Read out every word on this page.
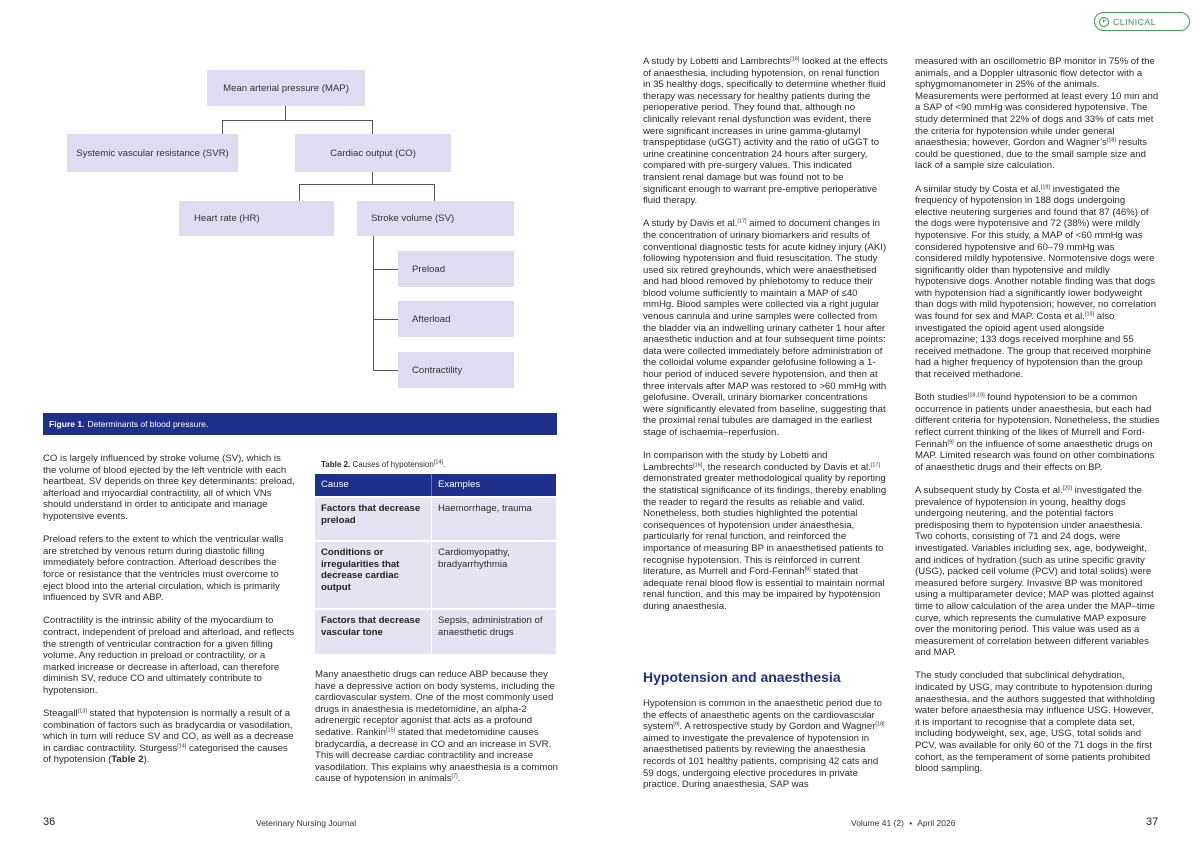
+ CLINICAL
Mean arterial pressure (MAP)
Systemic vascular resistance (SVR)	Cardiac output (CO)
Heart rate (HR)	Stroke volume (SV)
Preload
Afterload
Contractility
Figure 1. Determinants of blood pressure.

CO is largely influenced by stroke volume (SV), which is the volume of blood ejected by the left ventricle with each heartbeat. SV depends on three key determinants: preload, afterload and myocardial contractility, all of which VNs should understand in order to anticipate and manage hypotensive events.

Preload refers to the extent to which the ventricular walls are stretched by venous return during diastolic filling immediately before contraction. Afterload describes the force or resistance that the ventricles must overcome to eject blood into the arterial circulation, which is primarily influenced by SVR and ABP.

Contractility is the intrinsic ability of the myocardium to contract, independent of preload and afterload, and reflects the strength of ventricular contraction for a given filling volume. Any reduction in preload or contractility, or a marked increase or decrease in afterload, can therefore diminish SV, reduce CO and ultimately contribute to hypotension.

Steagall[13] stated that hypotension is normally a result of a combination of factors such as bradycardia or vasodilation, which in turn will reduce SV and CO, as well as a decrease in cardiac contractility. Sturgess[14] categorised the causes of hypotension (Table 2).

Table 2. Causes of hypotension[14].
Cause	Examples
Factors that decrease preload	Haemorrhage, trauma
Conditions or irregularities that decrease cardiac output	Cardiomyopathy, bradyarrhythmia
Factors that decrease vascular tone	Sepsis, administration of anaesthetic drugs

Many anaesthetic drugs can reduce ABP because they have a depressive action on body systems, including the cardiovascular system. One of the most commonly used drugs in anaesthesia is medetomidine, an alpha-2 adrenergic receptor agonist that acts as a profound sedative. Rankin[15] stated that medetomidine causes bradycardia, a decrease in CO and an increase in SVR. This will decrease cardiac contractility and increase vasodilation. This explains why anaesthesia is a common cause of hypotension in animals[7].

A study by Lobetti and Lambrechts[16] looked at the effects of anaesthesia, including hypotension, on renal function in 35 healthy dogs, specifically to determine whether fluid therapy was necessary for healthy patients during the perioperative period. They found that, although no clinically relevant renal dysfunction was evident, there were significant increases in urine gamma-glutamyl transpeptidase (uGGT) activity and the ratio of uGGT to urine creatinine concentration 24 hours after surgery, compared with pre-surgery values. This indicated transient renal damage but was found not to be significant enough to warrant pre-emptive perioperative fluid therapy.

A study by Davis et al.[17] aimed to document changes in the concentration of urinary biomarkers and results of conventional diagnostic tests for acute kidney injury (AKI) following hypotension and fluid resuscitation. The study used six retired greyhounds, which were anaesthetised and had blood removed by phlebotomy to reduce their blood volume sufficiently to maintain a MAP of ≤40 mmHg. Blood samples were collected via a right jugular venous cannula and urine samples were collected from the bladder via an indwelling urinary catheter 1 hour after anaesthetic induction and at four subsequent time points: data were collected immediately before administration of the colloidal volume expander gelofusine following a 1-hour period of induced severe hypotension, and then at three intervals after MAP was restored to >60 mmHg with gelofusine. Overall, urinary biomarker concentrations were significantly elevated from baseline, suggesting that the proximal renal tubules are damaged in the earliest stage of ischaemia–reperfusion.

In comparison with the study by Lobetti and Lambrechts[16], the research conducted by Davis et al.[17] demonstrated greater methodological quality by reporting the statistical significance of its findings, thereby enabling the reader to regard the results as reliable and valid. Nonetheless, both studies highlighted the potential consequences of hypotension under anaesthesia, particularly for renal function, and reinforced the importance of measuring BP in anaesthetised patients to recognise hypotension. This is reinforced in current literature, as Murrell and Ford-Fennah[9] stated that adequate renal blood flow is essential to maintain normal renal function, and this may be impaired by hypotension during anaesthesia.

Hypotension and anaesthesia

Hypotension is common in the anaesthetic period due to the effects of anaesthetic agents on the cardiovascular system[9]. A retrospective study by Gordon and Wagner[18] aimed to investigate the prevalence of hypotension in anaesthetised patients by reviewing the anaesthesia records of 101 healthy patients, comprising 42 cats and 59 dogs, undergoing elective procedures in private practice. During anaesthesia, SAP was

measured with an oscillometric BP monitor in 75% of the animals, and a Doppler ultrasonic flow detector with a sphygmomanometer in 25% of the animals. Measurements were performed at least every 10 min and a SAP of <90 mmHg was considered hypotensive. The study determined that 22% of dogs and 33% of cats met the criteria for hypotension while under general anaesthesia; however, Gordon and Wagner’s[18] results could be questioned, due to the small sample size and lack of a sample size calculation.

A similar study by Costa et al.[19] investigated the frequency of hypotension in 188 dogs undergoing elective neutering surgeries and found that 87 (46%) of the dogs were hypotensive and 72 (38%) were mildly hypotensive. For this study, a MAP of <60 mmHg was considered hypotensive and 60–79 mmHg was considered mildly hypotensive. Normotensive dogs were significantly older than hypotensive and mildly hypotensive dogs. Another notable finding was that dogs with hypotension had a significantly lower bodyweight than dogs with mild hypotension; however, no correlation was found for sex and MAP. Costa et al.[19] also investigated the opioid agent used alongside acepromazine; 133 dogs received morphine and 55 received methadone. The group that received morphine had a higher frequency of hypotension than the group that received methadone.

Both studies[18,19] found hypotension to be a common occurrence in patients under anaesthesia, but each had different criteria for hypotension. Nonetheless, the studies reflect current thinking of the likes of Murrell and Ford-Fennah[9] on the influence of some anaesthetic drugs on MAP. Limited research was found on other combinations of anaesthetic drugs and their effects on BP.

A subsequent study by Costa et al.[20] investigated the prevalence of hypotension in young, healthy dogs undergoing neutering, and the potential factors predisposing them to hypotension under anaesthesia. Two cohorts, consisting of 71 and 24 dogs, were investigated. Variables including sex, age, bodyweight, and indices of hydration (such as urine specific gravity (USG), packed cell volume (PCV) and total solids) were measured before surgery. Invasive BP was monitored using a multiparameter device; MAP was plotted against time to allow calculation of the area under the MAP–time curve, which represents the cumulative MAP exposure over the monitoring period. This value was used as a measurement of correlation between different variables and MAP.

The study concluded that subclinical dehydration, indicated by USG, may contribute to hypotension during anaesthesia, and the authors suggested that withholding water before anaesthesia may influence USG. However, it is important to recognise that a complete data set, including bodyweight, sex, age, USG, total solids and PCV, was available for only 60 of the 71 dogs in the first cohort, as the temperament of some patients prohibited blood sampling.

36	Veterinary Nursing Journal	Volume 41 (2) • April 2026	37
